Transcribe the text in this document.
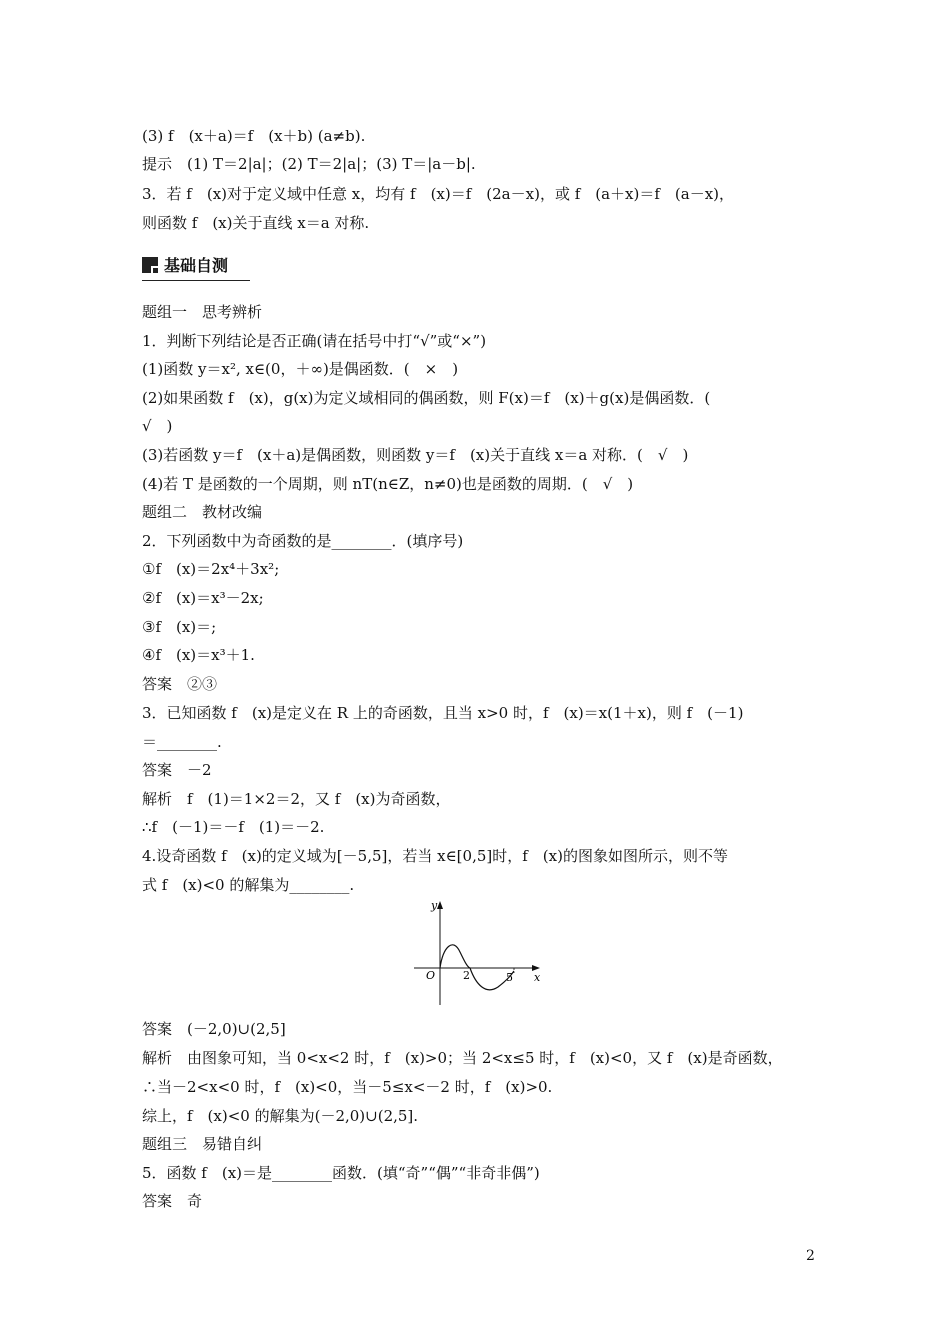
(3) f　(x＋a)＝f　(x＋b) (a≠b).
提示　(1) T＝2|a|；(2) T＝2|a|；(3) T＝|a－b|.
3．若 f　(x)对于定义域中任意 x，均有 f　(x)＝f　(2a－x)，或 f　(a＋x)＝f　(a－x)，
则函数 f　(x)关于直线 x＝a 对称.
基础自测
题组一　思考辨析
1．判断下列结论是否正确(请在括号中打“√”或“×”)
(1)函数 y＝x², x∈(0，＋∞)是偶函数．(　×　)
(2)如果函数 f　(x)，g(x)为定义域相同的偶函数，则 F(x)＝f　(x)＋g(x)是偶函数．(
√　)
(3)若函数 y＝f　(x＋a)是偶函数，则函数 y＝f　(x)关于直线 x＝a 对称．(　√　)
(4)若 T 是函数的一个周期，则 nT(n∈Z，n≠0)也是函数的周期．(　√　)
题组二　教材改编
2．下列函数中为奇函数的是________．(填序号)
①f　(x)＝2x⁴＋3x²;
②f　(x)＝x³－2x;
③f　(x)＝;
④f　(x)＝x³＋1.
答案　②③
3．已知函数 f　(x)是定义在 R 上的奇函数，且当 x>0 时，f　(x)＝x(1＋x)，则 f　(－1)
＝________.
答案　－2
解析　f　(1)＝1×2＝2，又 f　(x)为奇函数，
∴f　(－1)＝－f　(1)＝－2.
4.设奇函数 f　(x)的定义域为[－5,5]，若当 x∈[0,5]时，f　(x)的图象如图所示，则不等
式 f　(x)<0 的解集为________.
y
x
O	2	5
答案　(－2,0)∪(2,5]
解析　由图象可知，当 0<x<2 时，f　(x)>0；当 2<x≤5 时，f　(x)<0，又 f　(x)是奇函数，
∴当－2<x<0 时，f　(x)<0，当－5≤x<－2 时，f　(x)>0.
综上，f　(x)<0 的解集为(－2,0)∪(2,5].
题组三　易错自纠
5．函数 f　(x)＝是________函数．(填“奇”“偶”“非奇非偶”)
答案　奇
2
